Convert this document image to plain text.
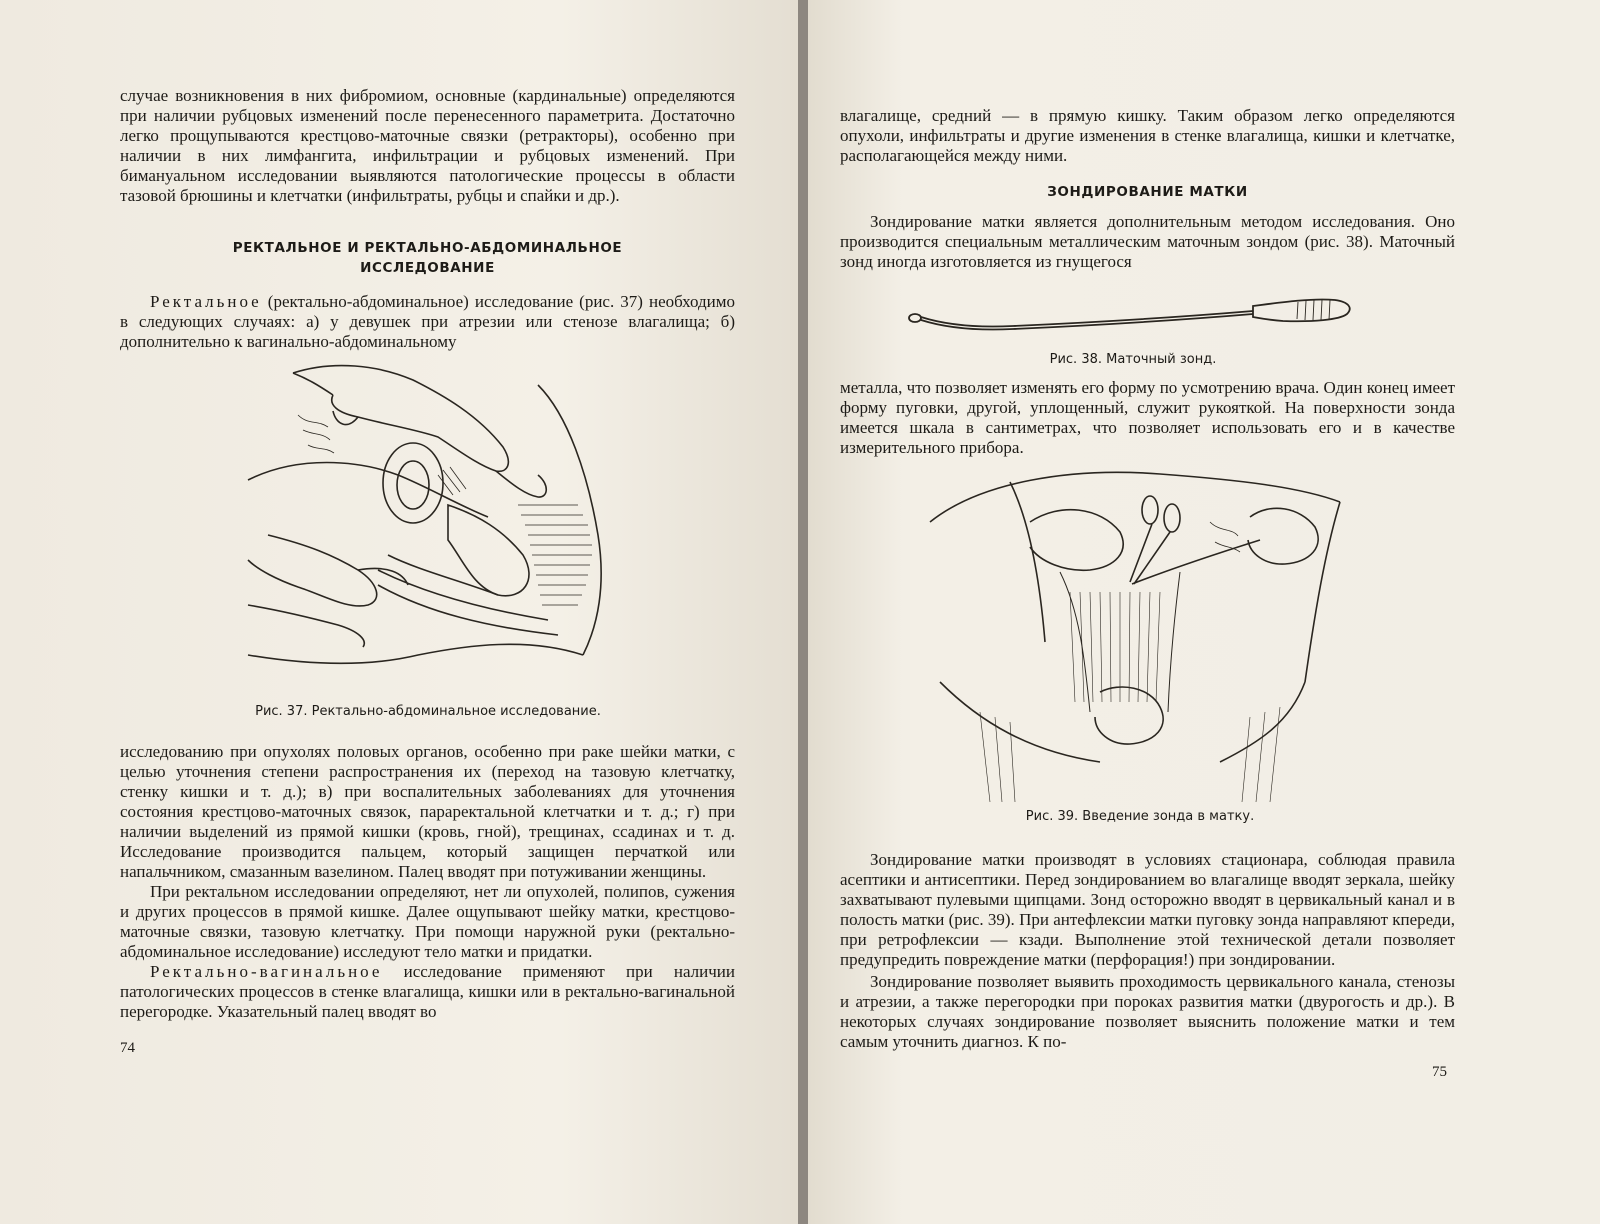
случае возникновения в них фибромиом, основные (кардинальные) определяются при наличии рубцовых изменений после перенесенного параметрита. Достаточно легко прощупываются крестцово-маточные связки (ретракторы), особенно при наличии в них лимфангита, инфильтрации и рубцовых изменений. При бимануальном исследовании выявляются патологические процессы в области тазовой брюшины и клетчатки (инфильтраты, рубцы и спайки и др.).

РЕКТАЛЬНОЕ И РЕКТАЛЬНО-АБДОМИНАЛЬНОЕ
ИССЛЕДОВАНИЕ

Ректальное (ректально-абдоминальное) исследование (рис. 37) необходимо в следующих случаях: а) у девушек при атрезии или стенозе влагалища; б) дополнительно к вагинально-абдоминальному

Рис. 37. Ректально-абдоминальное исследование.

исследованию при опухолях половых органов, особенно при раке шейки матки, с целью уточнения степени распространения их (переход на тазовую клетчатку, стенку кишки и т. д.); в) при воспалительных заболеваниях для уточнения состояния крестцово-маточных связок, параректальной клетчатки и т. д.; г) при наличии выделений из прямой кишки (кровь, гной), трещинах, ссадинах и т. д. Исследование производится пальцем, который защищен перчаткой или напальчником, смазанным вазелином. Палец вводят при потуживании женщины.

При ректальном исследовании определяют, нет ли опухолей, полипов, сужения и других процессов в прямой кишке. Далее ощупывают шейку матки, крестцово-маточные связки, тазовую клетчатку. При помощи наружной руки (ректально-абдоминальное исследование) исследуют тело матки и придатки.

Ректально-вагинальное исследование применяют при наличии патологических процессов в стенке влагалища, кишки или в ректально-вагинальной перегородке. Указательный палец вводят во

74

влагалище, средний — в прямую кишку. Таким образом легко определяются опухоли, инфильтраты и другие изменения в стенке влагалища, кишки и клетчатке, располагающейся между ними.

ЗОНДИРОВАНИЕ МАТКИ

Зондирование матки является дополнительным методом исследования. Оно производится специальным металлическим маточным зондом (рис. 38). Маточный зонд иногда изготовляется из гнущегося

Рис. 38. Маточный зонд.

металла, что позволяет изменять его форму по усмотрению врача. Один конец имеет форму пуговки, другой, уплощенный, служит рукояткой. На поверхности зонда имеется шкала в сантиметрах, что позволяет использовать его и в качестве измерительного прибора.

Рис. 39. Введение зонда в матку.

Зондирование матки производят в условиях стационара, соблюдая правила асептики и антисептики. Перед зондированием во влагалище вводят зеркала, шейку захватывают пулевыми щипцами. Зонд осторожно вводят в цервикальный канал и в полость матки (рис. 39). При антефлексии матки пуговку зонда направляют кпереди, при ретрофлексии — кзади. Выполнение этой технической детали позволяет предупредить повреждение матки (перфорация!) при зондировании.

Зондирование позволяет выявить проходимость цервикального канала, стенозы и атрезии, а также перегородки при пороках развития матки (двурогость и др.). В некоторых случаях зондирование позволяет выяснить положение матки и тем самым уточнить диагноз. К по-

75
